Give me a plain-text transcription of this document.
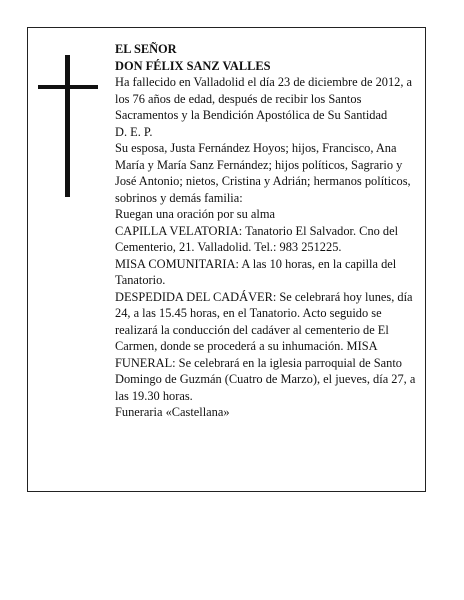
EL SEÑOR

DON FÉLIX SANZ VALLES

Ha fallecido en Valladolid el día 23 de diciembre de 2012, a los 76 años de edad, después de recibir los Santos Sacramentos y la Bendición Apostólica de Su Santidad

D. E. P.

Su esposa, Justa Fernández Hoyos; hijos, Francisco, Ana María y María Sanz Fernández; hijos políticos, Sagrario y José Antonio; nietos, Cristina y Adrián; hermanos políticos, sobrinos y demás familia:

Ruegan una oración por su alma

CAPILLA VELATORIA: Tanatorio El Salvador. Cno del Cementerio, 21. Valladolid. Tel.: 983 251225.

MISA COMUNITARIA: A las 10 horas, en la capilla del Tanatorio.

DESPEDIDA DEL CADÁVER: Se celebrará hoy lunes, día 24, a las 15.45 horas, en el Tanatorio. Acto seguido se realizará la conducción del cadáver al cementerio de El Carmen, donde se procederá a su inhumación. MISA FUNERAL: Se celebrará en la iglesia parroquial de Santo Domingo de Guzmán (Cuatro de Marzo), el jueves, día 27, a las 19.30 horas.

Funeraria «Castellana»
